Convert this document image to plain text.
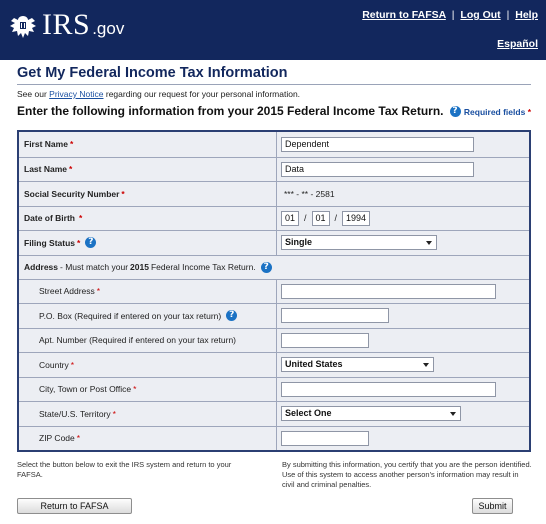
IRS .gov
Return to FAFSA | Log Out | Help
Español
Get My Federal Income Tax Information
See our Privacy Notice regarding our request for your personal information.
Enter the following information from your 2015 Federal Income Tax Return. ? Required fields *
First Name *	Dependent
Last Name *	Data
Social Security Number *	*** - ** - 2581
Date of Birth *	01	/ 01	/ 1994
Filing Status * ?	Single
Address - Must match your 2015 Federal Income Tax Return. ?
Street Address *
P.O. Box (Required if entered on your tax return) ?
Apt. Number (Required if entered on your tax return)
Country *	United States
City, Town or Post Office *
State/U.S. Territory *	Select One
ZIP Code *
Select the button below to exit the IRS system and return to your FAFSA.
By submitting this information, you certify that you are the person identified. Use of this system to access another person's information may result in civil and criminal penalties.
Return to FAFSA	Submit
